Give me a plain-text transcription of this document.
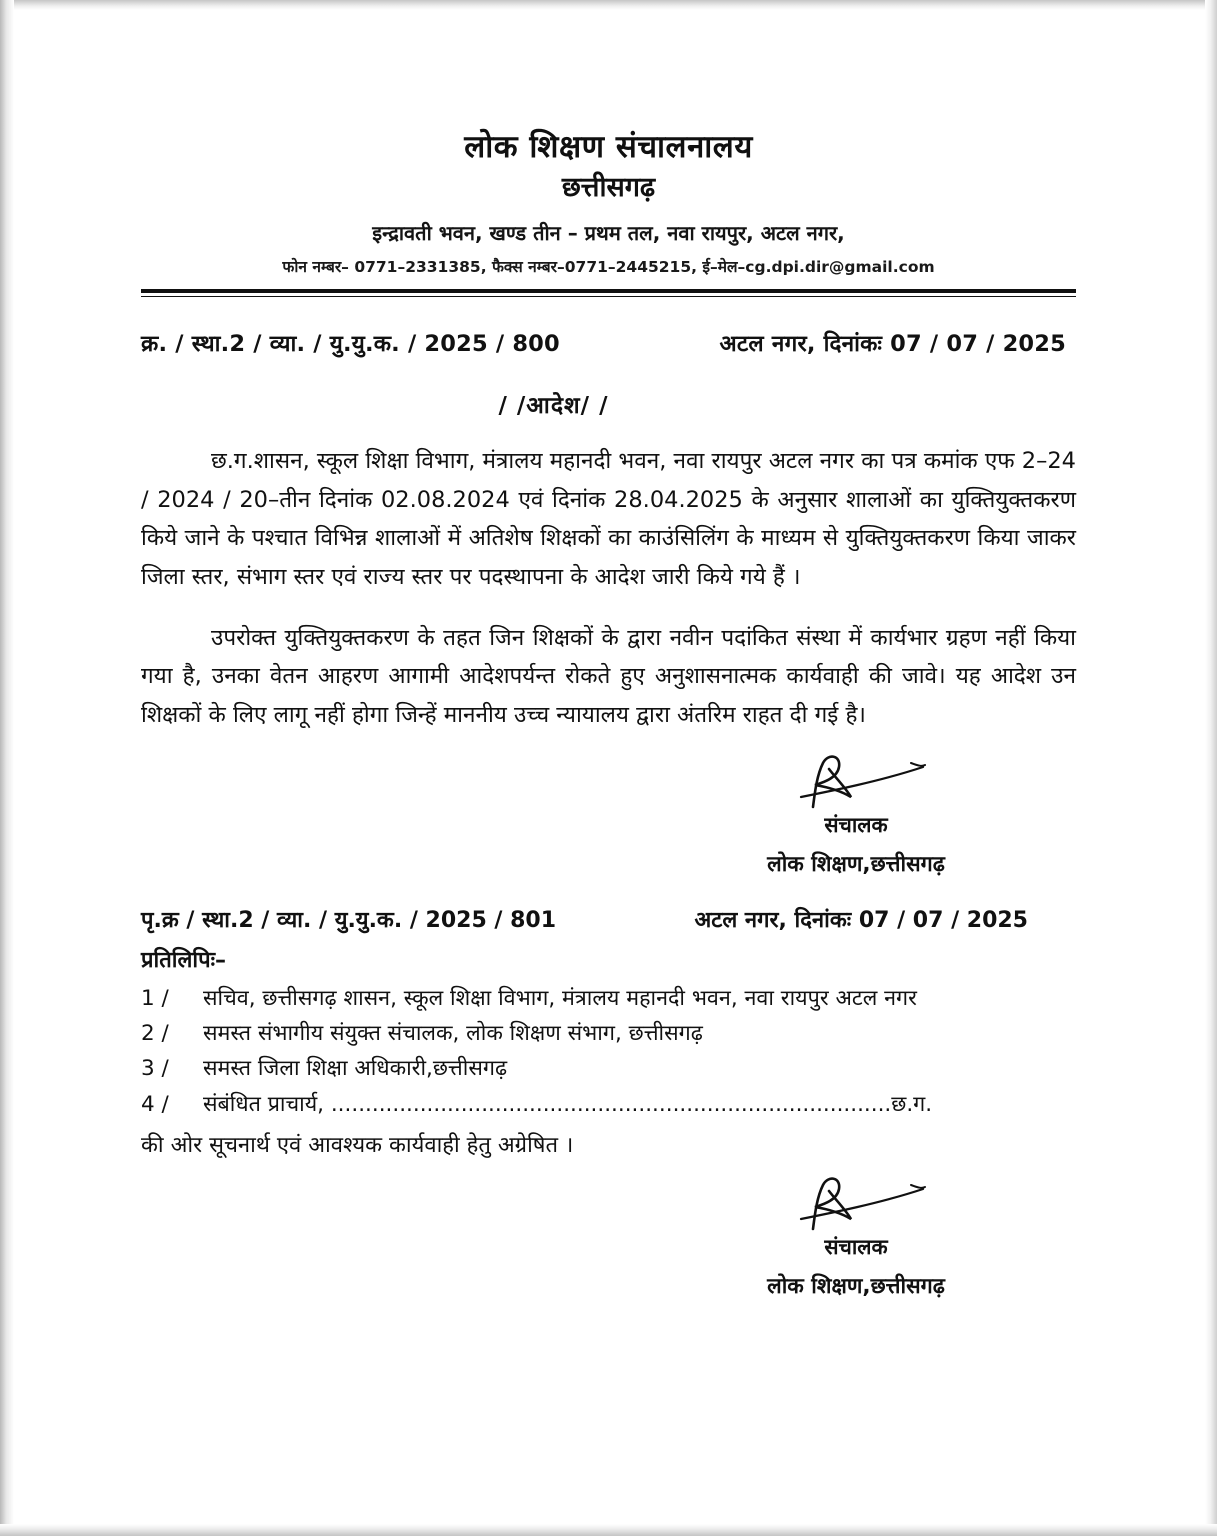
लोक शिक्षण संचालनालय
छत्तीसगढ़
इन्द्रावती भवन, खण्ड तीन – प्रथम तल, नवा रायपुर, अटल नगर,
फोन नम्बर– 0771–2331385, फैक्स नम्बर–0771–2445215, ई–मेल–cg.dpi.dir@gmail.com
क्र. / स्था.2 / व्या. / यु.यु.क. / 2025 / 800	अटल नगर, दिनांकः 07 / 07 / 2025
/ /आदेश/ /

छ.ग.शासन, स्कूल शिक्षा विभाग, मंत्रालय महानदी भवन, नवा रायपुर अटल नगर का पत्र कमांक एफ 2–24 / 2024 / 20–तीन दिनांक 02.08.2024 एवं दिनांक 28.04.2025 के अनुसार शालाओं का युक्तियुक्तकरण किये जाने के पश्चात विभिन्न शालाओं में अतिशेष शिक्षकों का काउंसिलिंग के माध्यम से युक्तियुक्तकरण किया जाकर जिला स्तर, संभाग स्तर एवं राज्य स्तर पर पदस्थापना के आदेश जारी किये गये हैं ।

उपरोक्त युक्तियुक्तकरण के तहत जिन शिक्षकों के द्वारा नवीन पदांकित संस्था में कार्यभार ग्रहण नहीं किया गया है, उनका वेतन आहरण आगामी आदेशपर्यन्त रोकते हुए अनुशासनात्मक कार्यवाही की जावे। यह आदेश उन शिक्षकों के लिए लागू नहीं होगा जिन्हें माननीय उच्च न्यायालय द्वारा अंतरिम राहत दी गई है।

संचालक
लोक शिक्षण,छत्तीसगढ़
पृ.क्र / स्था.2 / व्या. / यु.यु.क. / 2025 / 801	अटल नगर, दिनांकः 07 / 07 / 2025
प्रतिलिपिः–
1 /	सचिव, छत्तीसगढ़ शासन, स्कूल शिक्षा विभाग, मंत्रालय महानदी भवन, नवा रायपुर अटल नगर
2 /	समस्त संभागीय संयुक्त संचालक, लोक शिक्षण संभाग, छत्तीसगढ़
3 /	समस्त जिला शिक्षा अधिकारी,छत्तीसगढ़
4 /	संबंधित प्राचार्य, ..................................................................................छ.ग.
की ओर सूचनार्थ एवं आवश्यक कार्यवाही हेतु अग्रेषित ।
संचालक
लोक शिक्षण,छत्तीसगढ़
